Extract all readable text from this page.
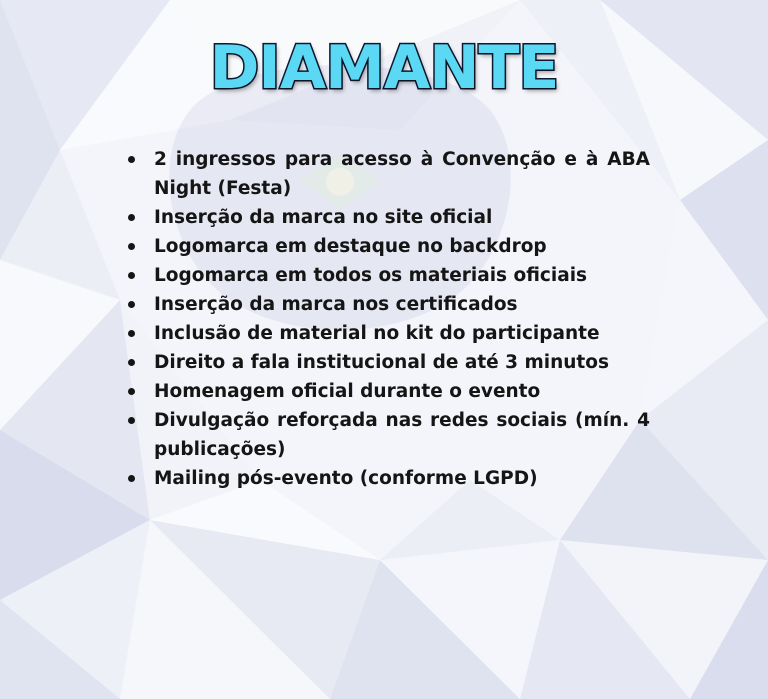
DIAMANTE
2 ingressos para acesso à Convenção e à ABA Night (Festa)
Inserção da marca no site oficial
Logomarca em destaque no backdrop
Logomarca em todos os materiais oficiais
Inserção da marca nos certificados
Inclusão de material no kit do participante
Direito a fala institucional de até 3 minutos
Homenagem oficial durante o evento
Divulgação reforçada nas redes sociais (mín. 4 publicações)
Mailing pós-evento (conforme LGPD)
